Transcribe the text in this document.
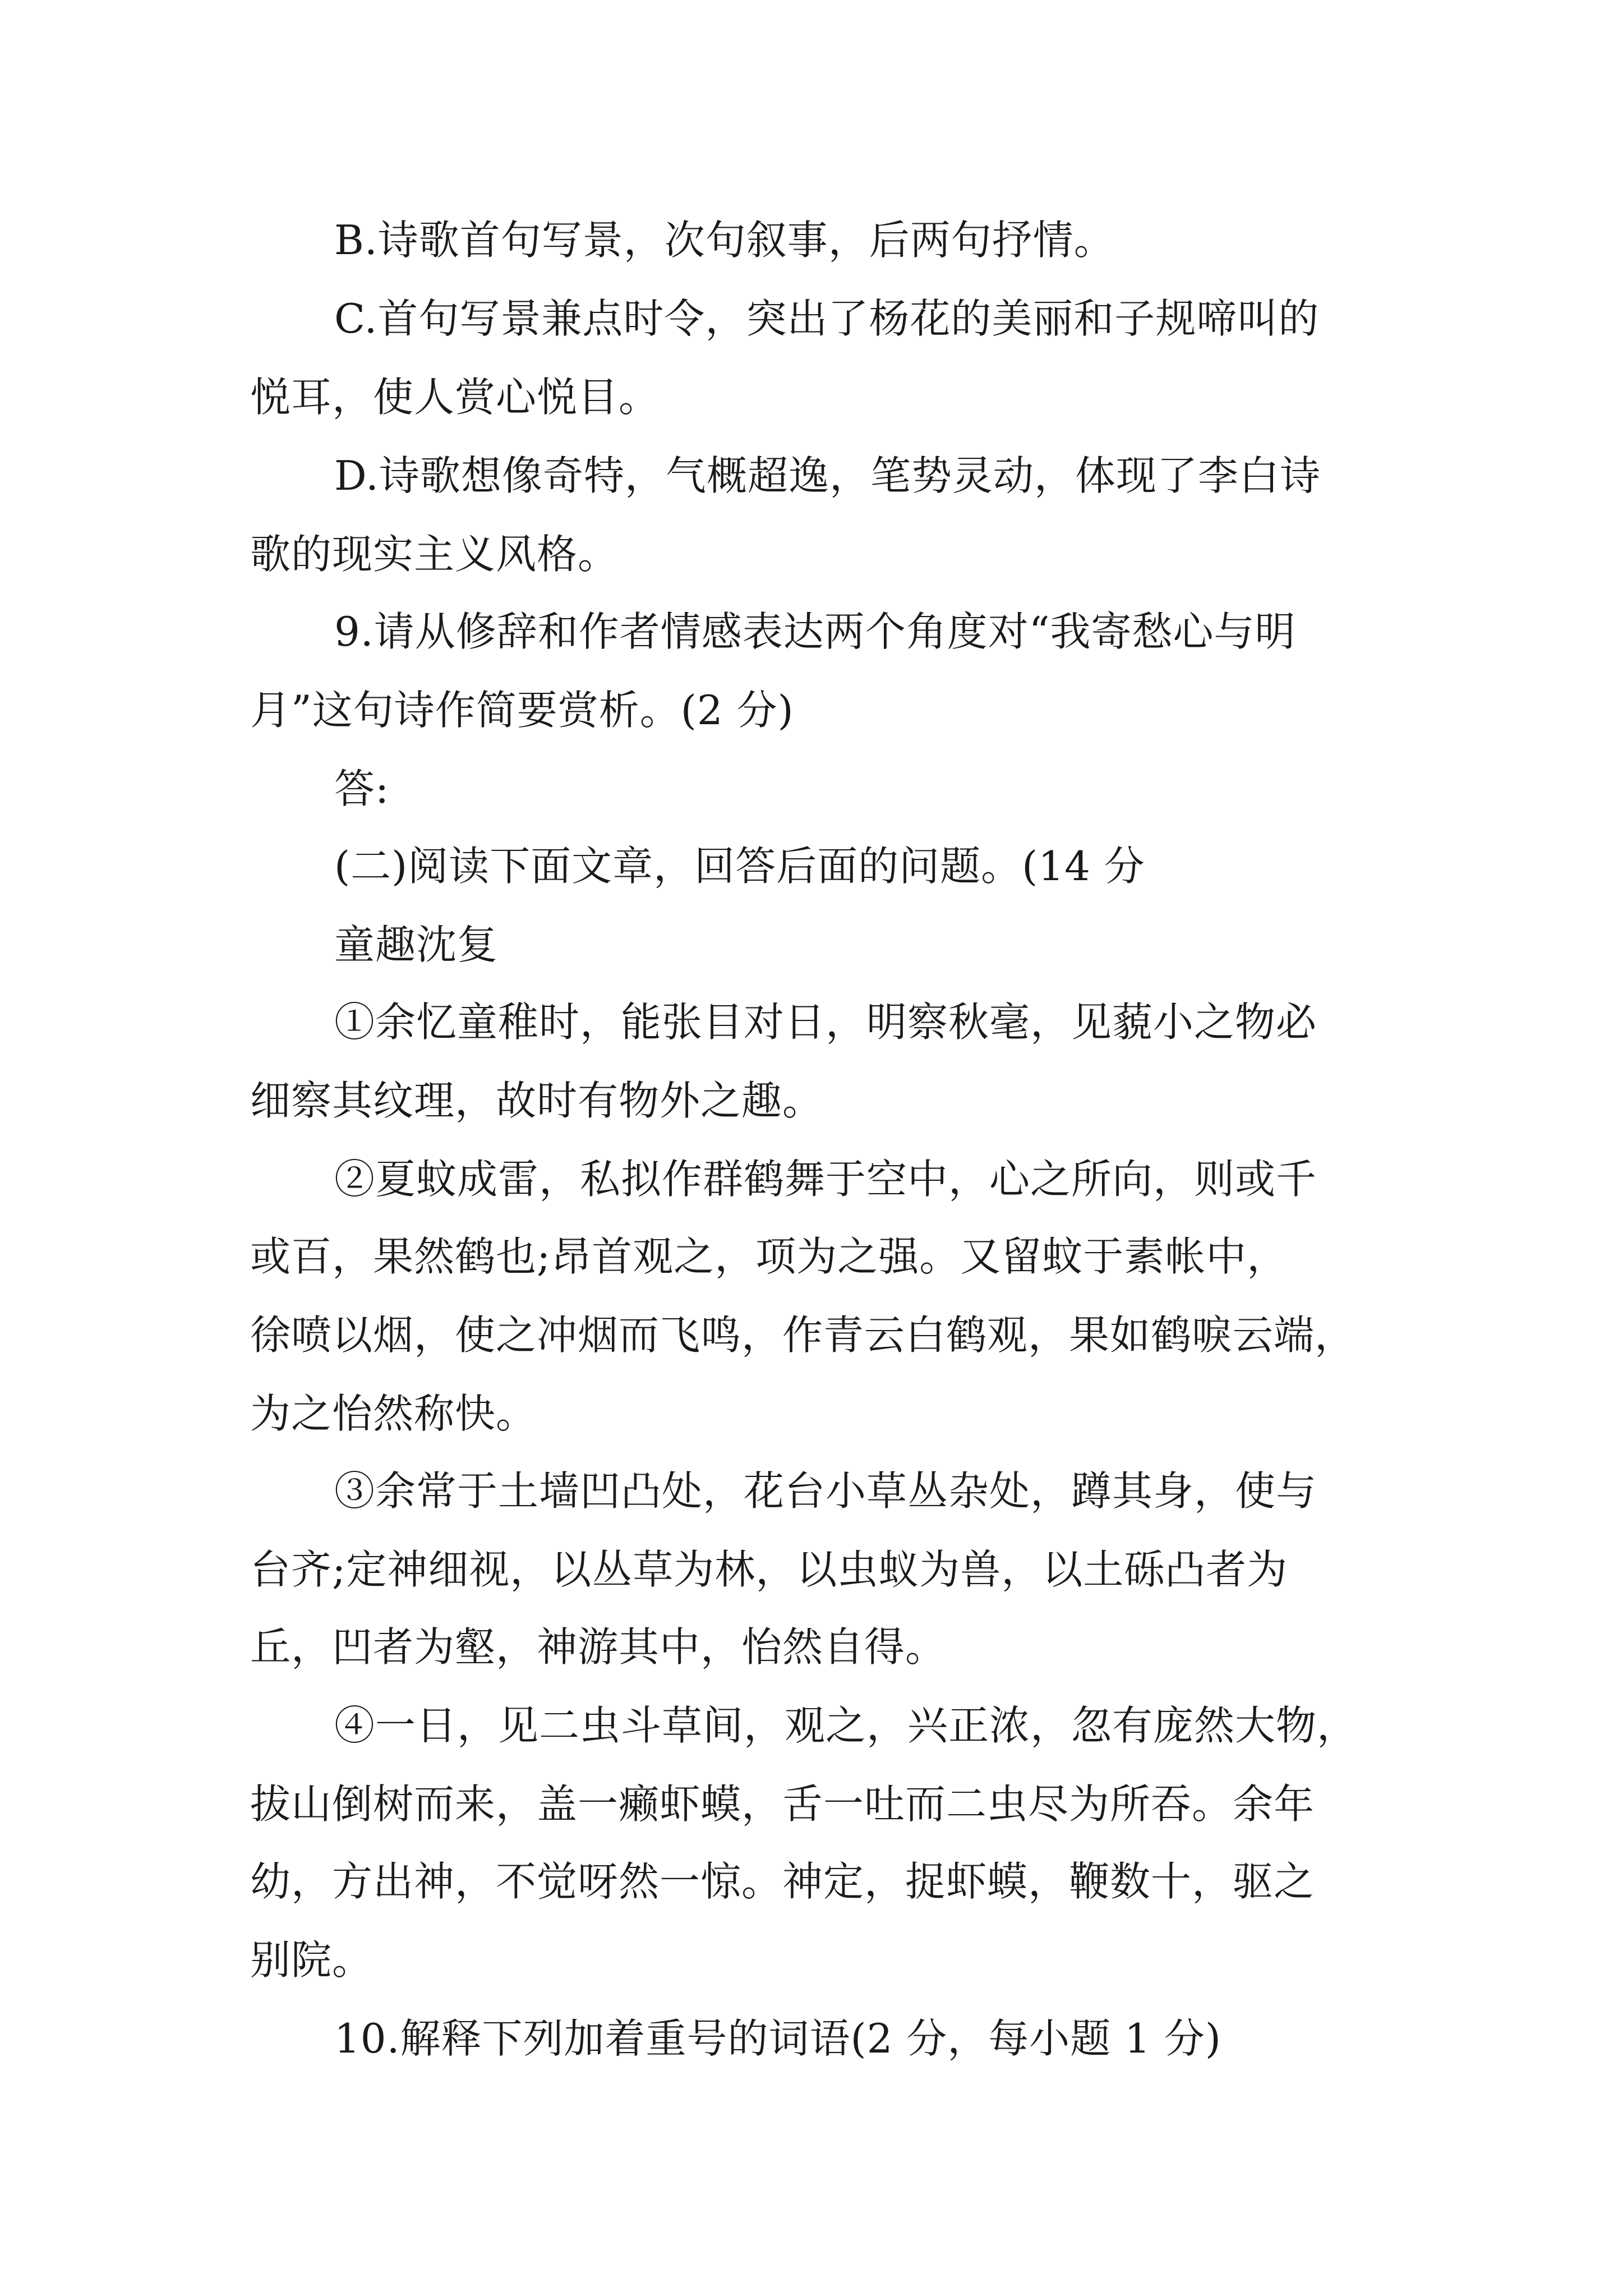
B.诗歌首句写景，次句叙事，后两句抒情。
C.首句写景兼点时令，突出了杨花的美丽和子规啼叫的
悦耳，使人赏心悦目。
D.诗歌想像奇特，气概超逸，笔势灵动，体现了李白诗
歌的现实主义风格。
9.请从修辞和作者情感表达两个角度对“我寄愁心与明
月”这句诗作简要赏析。(2 分)
答:
(二)阅读下面文章，回答后面的问题。(14 分
童趣沈复
①余忆童稚时，能张目对日，明察秋毫，见藐小之物必
细察其纹理，故时有物外之趣。
②夏蚊成雷，私拟作群鹤舞于空中，心之所向，则或千
或百，果然鹤也;昂首观之，项为之强。又留蚊于素帐中，
徐喷以烟，使之冲烟而飞鸣，作青云白鹤观，果如鹤唳云端，
为之怡然称快。
③余常于土墙凹凸处，花台小草丛杂处，蹲其身，使与
台齐;定神细视，以丛草为林，以虫蚁为兽，以土砾凸者为
丘，凹者为壑，神游其中，怡然自得。
④一日，见二虫斗草间，观之，兴正浓，忽有庞然大物，
拔山倒树而来，盖一癞虾蟆，舌一吐而二虫尽为所吞。余年
幼，方出神，不觉呀然一惊。神定，捉虾蟆，鞭数十，驱之
别院。
10.解释下列加着重号的词语(2 分，每小题 1 分)
